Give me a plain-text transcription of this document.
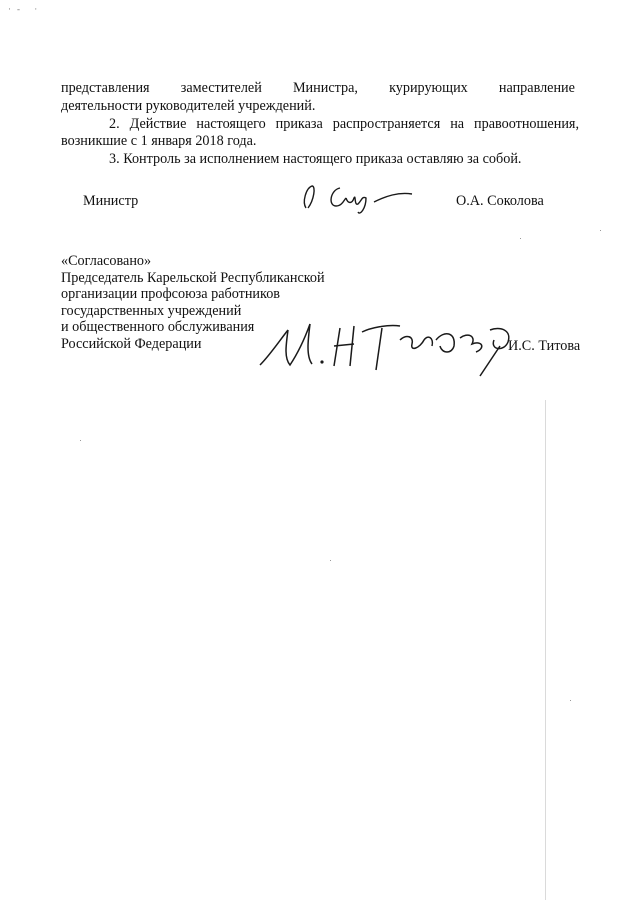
·- ·
представления заместителей Министра, курирующих направление
деятельности руководителей учреждений.
2. Действие настоящего приказа распространяется на правоотношения,
возникшие с 1 января 2018 года.
3. Контроль за исполнением настоящего приказа оставляю за собой.
Министр	О.А. Соколова
«Согласовано»
Председатель Карельской Республиканской
организации профсоюза работников
государственных учреждений
и общественного обслуживания
Российской Федерации	И.С. Титова
